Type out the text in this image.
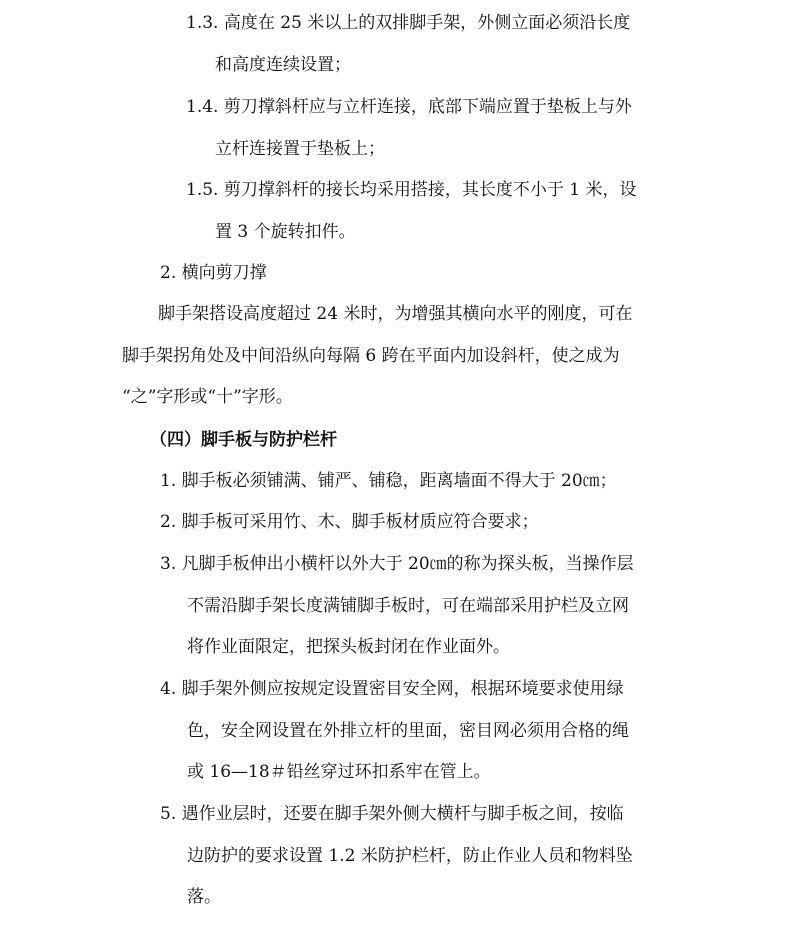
1.3. 高度在 25 米以上的双排脚手架，外侧立面必须沿长度
和高度连续设置；
1.4. 剪刀撑斜杆应与立杆连接，底部下端应置于垫板上与外
立杆连接置于垫板上；
1.5. 剪刀撑斜杆的接长均采用搭接，其长度不小于 1 米，设
置 3 个旋转扣件。
2. 横向剪刀撑
脚手架搭设高度超过 24 米时，为增强其横向水平的刚度，可在
脚手架拐角处及中间沿纵向每隔 6 跨在平面内加设斜杆，使之成为
“之”字形或“十”字形。
（四）脚手板与防护栏杆
1. 脚手板必须铺满、铺严、铺稳，距离墙面不得大于 20㎝；
2. 脚手板可采用竹、木、脚手板材质应符合要求；
3. 凡脚手板伸出小横杆以外大于 20㎝的称为探头板，当操作层
不需沿脚手架长度满铺脚手板时，可在端部采用护栏及立网
将作业面限定，把探头板封闭在作业面外。
4. 脚手架外侧应按规定设置密目安全网，根据环境要求使用绿
色，安全网设置在外排立杆的里面，密目网必须用合格的绳
或 16—18＃铅丝穿过环扣系牢在管上。
5. 遇作业层时，还要在脚手架外侧大横杆与脚手板之间，按临
边防护的要求设置 1.2 米防护栏杆，防止作业人员和物料坠
落。
